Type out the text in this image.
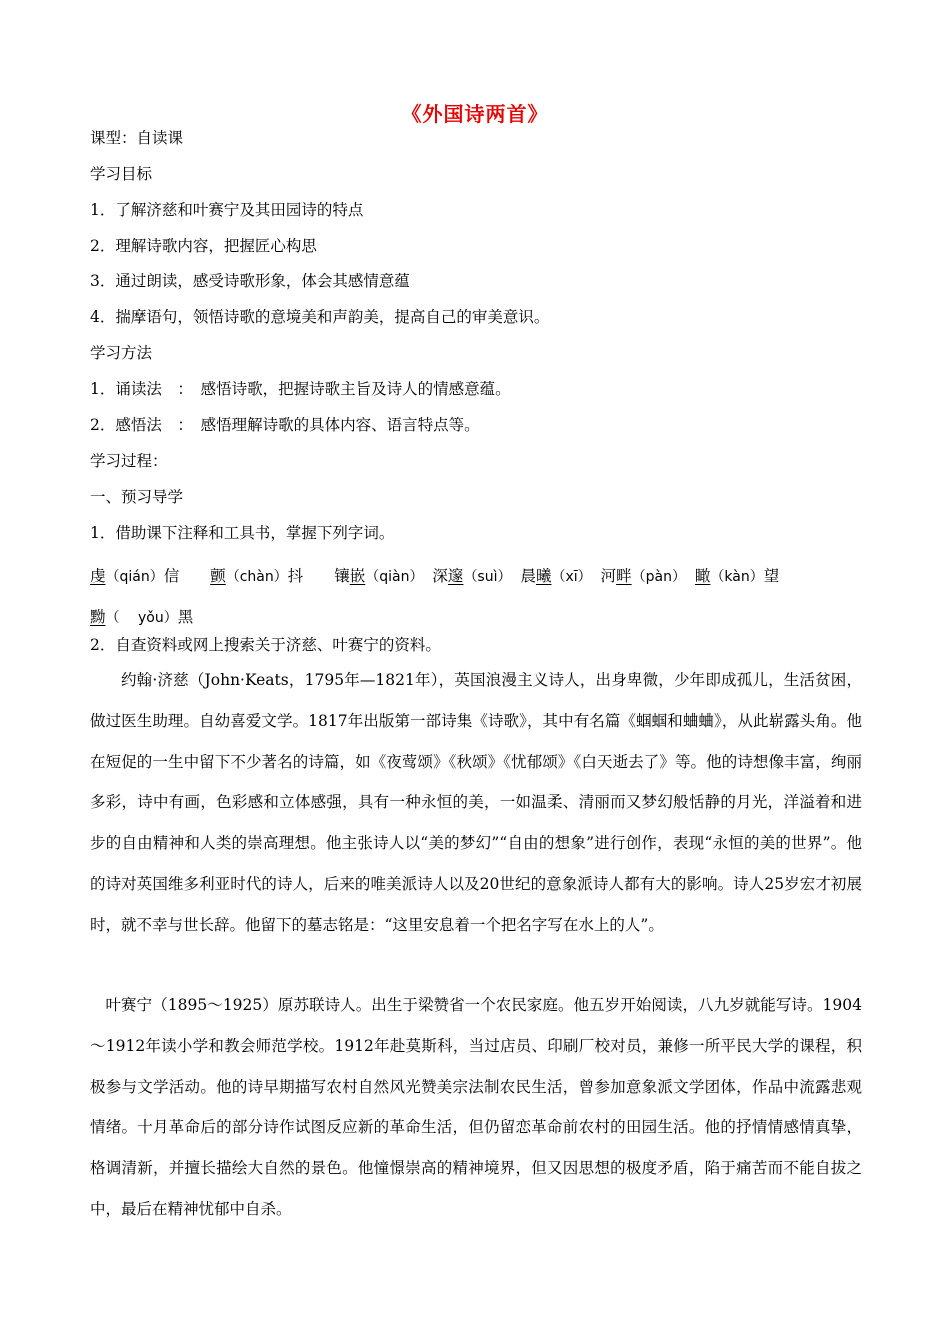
《外国诗两首》
课型：自读课
学习目标
1．了解济慈和叶赛宁及其田园诗的特点
2．理解诗歌内容，把握匠心构思
3．通过朗读，感受诗歌形象，体会其感情意蕴
4．揣摩语句，领悟诗歌的意境美和声韵美，提高自己的审美意识。
学习方法
1．诵读法　：　感悟诗歌，把握诗歌主旨及诗人的情感意蕴。
2．感悟法　：　感悟理解诗歌的具体内容、语言特点等。
学习过程：
一、预习导学
1．借助课下注释和工具书，掌握下列字词。
虔（qián）信 颤（chàn）抖 镶嵌（qiàn） 深邃（suì） 晨曦（xī） 河畔（pàn） 瞰（kàn）望 黝（　 yǒu）黑
2．自查资料或网上搜索关于济慈、叶赛宁的资料。

约翰·济慈（John·Keats，1795年—1821年），英国浪漫主义诗人，出身卑微，少年即成孤儿，生活贫困，做过医生助理。自幼喜爱文学。1817年出版第一部诗集《诗歌》，其中有名篇《蝈蝈和蛐蛐》，从此崭露头角。他在短促的一生中留下不少著名的诗篇，如《夜莺颂》《秋颂》《忧郁颂》《白天逝去了》等。他的诗想像丰富，绚丽多彩，诗中有画，色彩感和立体感强，具有一种永恒的美，一如温柔、清丽而又梦幻般恬静的月光，洋溢着和进步的自由精神和人类的崇高理想。他主张诗人以“美的梦幻”“自由的想象”进行创作，表现“永恒的美的世界”。他的诗对英国维多利亚时代的诗人，后来的唯美派诗人以及20世纪的意象派诗人都有大的影响。诗人25岁宏才初展时，就不幸与世长辞。他留下的墓志铭是：“这里安息着一个把名字写在水上的人”。

叶赛宁（1895～1925）原苏联诗人。出生于梁赞省一个农民家庭。他五岁开始阅读，八九岁就能写诗。1904～1912年读小学和教会师范学校。1912年赴莫斯科，当过店员、印刷厂校对员，兼修一所平民大学的课程，积极参与文学活动。他的诗早期描写农村自然风光赞美宗法制农民生活，曾参加意象派文学团体，作品中流露悲观情绪。十月革命后的部分诗作试图反应新的革命生活，但仍留恋革命前农村的田园生活。他的抒情情感情真挚，格调清新，并擅长描绘大自然的景色。他憧憬崇高的精神境界，但又因思想的极度矛盾，陷于痛苦而不能自拔之中，最后在精神忧郁中自杀。
